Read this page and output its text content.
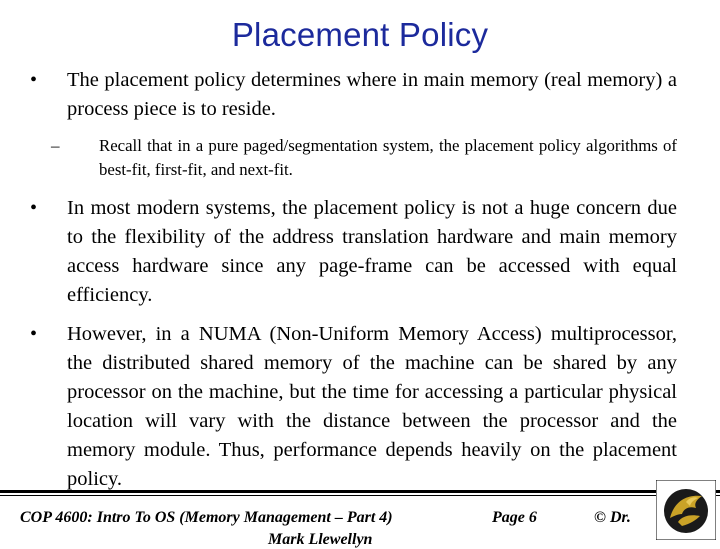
Placement Policy
• The placement policy determines where in main memory (real memory) a process piece is to reside.
– Recall that in a pure paged/segmentation system, the placement policy algorithms of best-fit, first-fit, and next-fit.
• In most modern systems, the placement policy is not a huge concern due to the flexibility of the address translation hardware and main memory access hardware since any page-frame can be accessed with equal efficiency.
• However, in a NUMA (Non-Uniform Memory Access) multiprocessor, the distributed shared memory of the machine can be shared by any processor on the machine, but the time for accessing a particular physical location will vary with the distance between the processor and the memory module. Thus, performance depends heavily on the placement policy.
COP 4600: Intro To OS (Memory Management – Part 4)	Page 6	© Dr.
Mark Llewellyn
